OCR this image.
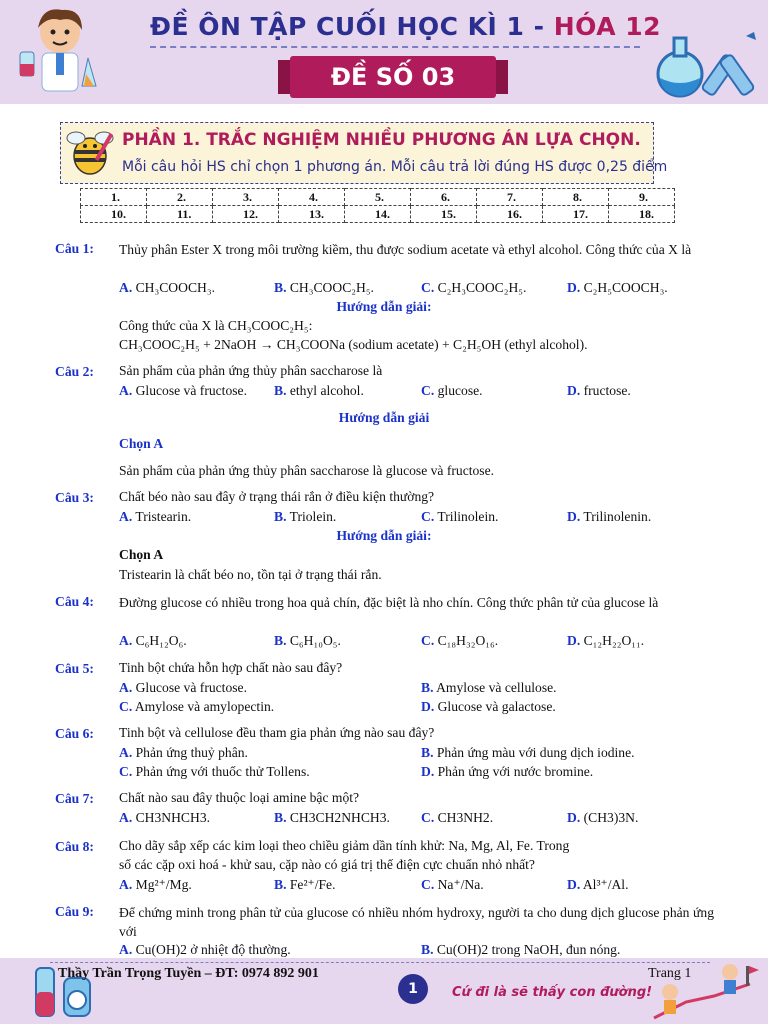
ĐỀ ÔN TẬP CUỐI HỌC KÌ 1 - HÓA 12
ĐỀ SỐ 03
PHẦN 1. TRẮC NGHIỆM NHIỀU PHƯƠNG ÁN LỰA CHỌN.
Mỗi câu hỏi HS chỉ chọn 1 phương án. Mỗi câu trả lời đúng HS được 0,25 điểm
1.	2.	3.	4.	5.	6.	7.	8.	9.
10.	11.	12.	13.	14.	15.	16.	17.	18.
Câu 1: Thủy phân Ester X trong môi trường kiềm, thu được sodium acetate và ethyl alcohol. Công thức của X là
A. CH₃COOCH₃.	B. CH₃COOC₂H₅.	C. C₂H₃COOC₂H₅.	D. C₂H₅COOCH₃.
Hướng dẫn giải:
Công thức của X là CH₃COOC₂H₅:
CH₃COOC₂H₅ + 2NaOH → CH₃COONa (sodium acetate) + C₂H₅OH (ethyl alcohol).
Câu 2: Sản phẩm của phản ứng thủy phân saccharose là
A. Glucose và fructose. B. ethyl alcohol.	C. glucose.	D. fructose.
Hướng dẫn giải
Chọn A
Sản phẩm của phản ứng thủy phân saccharose là glucose và fructose.
Câu 3: Chất béo nào sau đây ở trạng thái rắn ở điều kiện thường?
A. Tristearin.	B. Triolein.	C. Trilinolein.	D. Trilinolenin.
Hướng dẫn giải:
Chọn A
Tristearin là chất béo no, tồn tại ở trạng thái rắn.
Câu 4: Đường glucose có nhiều trong hoa quả chín, đặc biệt là nho chín. Công thức phân tử của glucose là
A. C₆H₁₂O₆.	B. C₆H₁₀O₅.	C. C₁₈H₃₂O₁₆.	D. C₁₂H₂₂O₁₁.
Câu 5: Tinh bột chứa hỗn hợp chất nào sau đây?
A. Glucose và fructose.	B. Amylose và cellulose.
C. Amylose và amylopectin.	D. Glucose và galactose.
Câu 6: Tinh bột và cellulose đều tham gia phản ứng nào sau đây?
A. Phản ứng thuỷ phân.	B. Phản ứng màu với dung dịch iodine.
C. Phản ứng với thuốc thử Tollens.	D. Phản ứng với nước bromine.
Câu 7: Chất nào sau đây thuộc loại amine bậc một?
A. CH3NHCH3.	B. CH3CH2NHCH3. C. CH3NH2.	D. (CH3)3N.
Câu 8: Cho dãy sắp xếp các kim loại theo chiều giảm dần tính khử: Na, Mg, Al, Fe. Trong
số các cặp oxi hoá - khử sau, cặp nào có giá trị thế điện cực chuẩn nhỏ nhất?
A. Mg²⁺/Mg.	B. Fe²⁺/Fe.	C. Na⁺/Na.	D. Al³⁺/Al.
Câu 9: Để chứng minh trong phân tử của glucose có nhiều nhóm hydroxy, người ta cho dung dịch glucose phản ứng với
A. Cu(OH)2 ở nhiệt độ thường.	B. Cu(OH)2 trong NaOH, đun nóng.
Thầy Trần Trọng Tuyền – ĐT: 0974 892 901
1	Cứ đi là sẽ thấy con đường!
Trang 1
